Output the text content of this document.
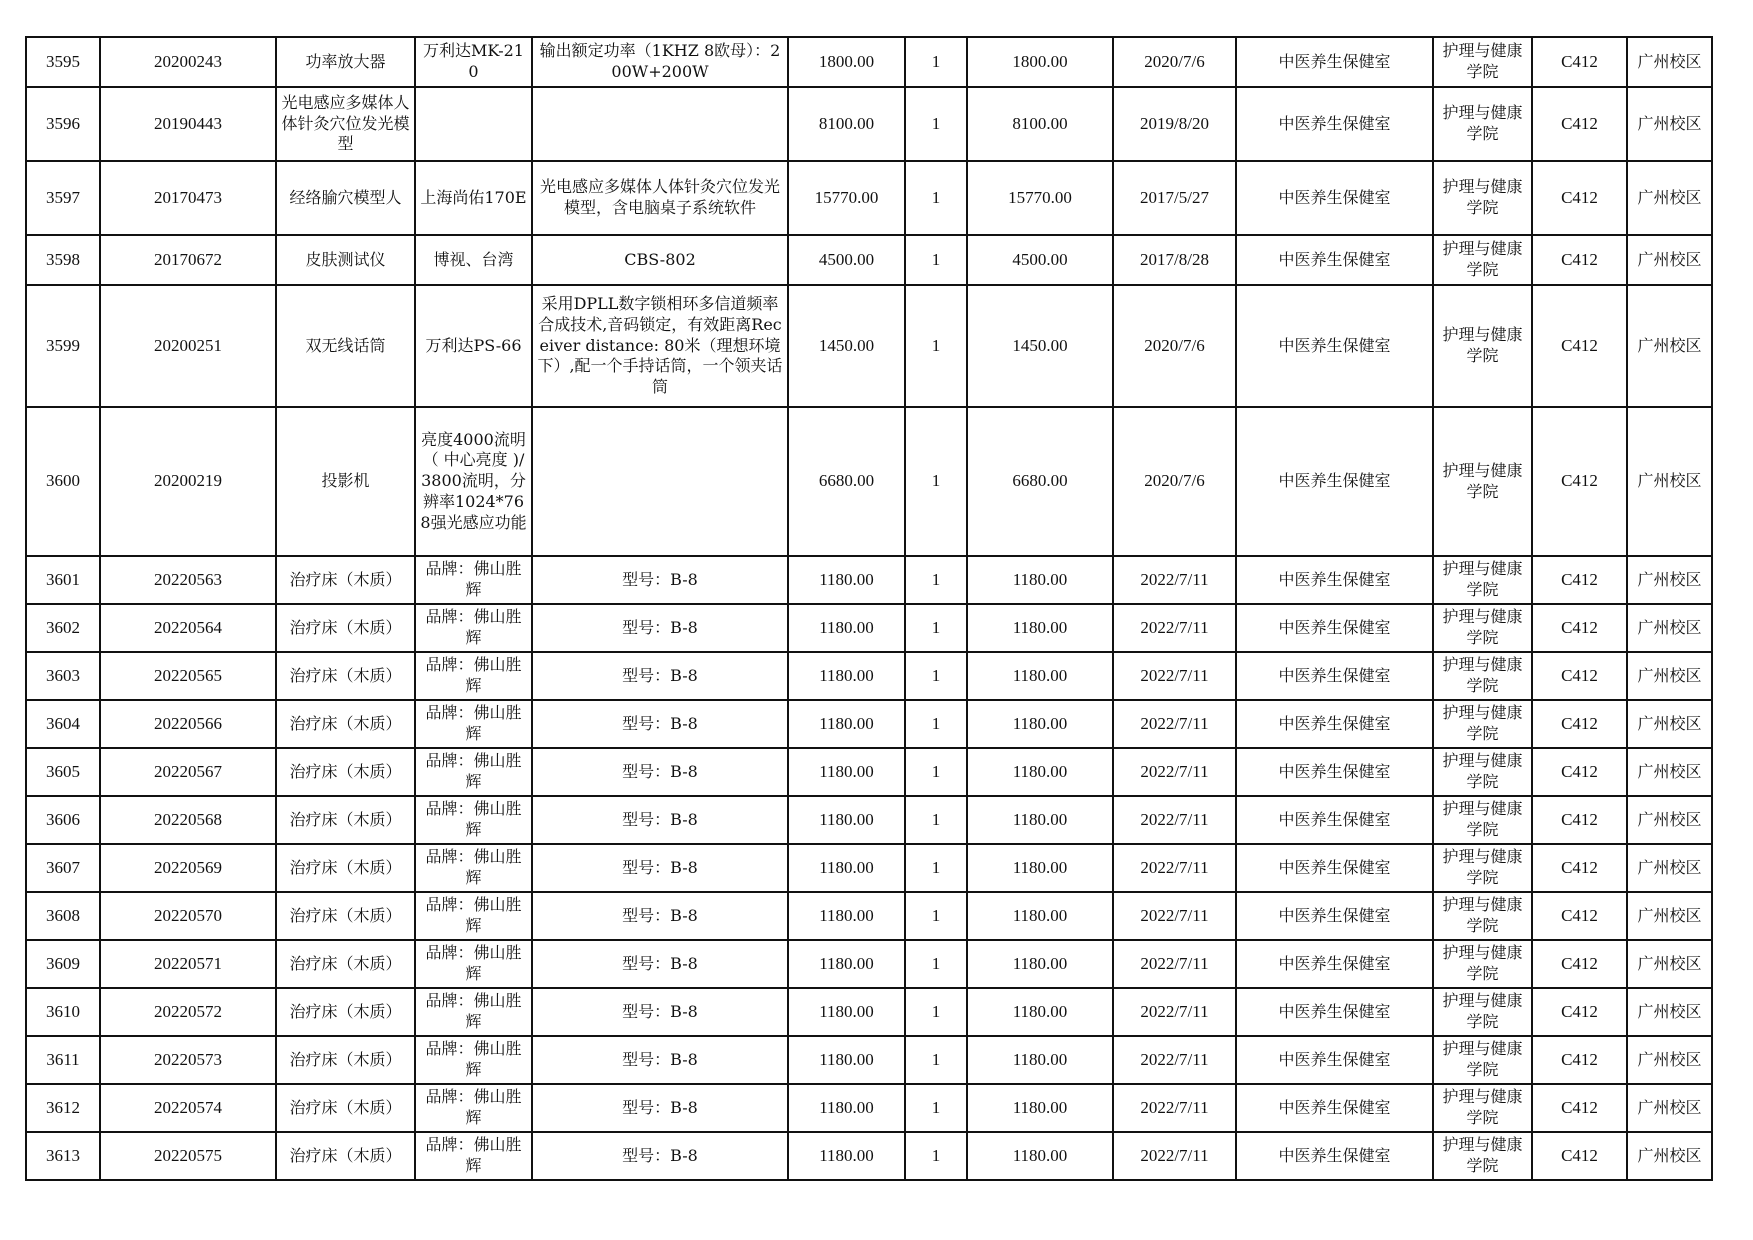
3595	20200243	功率放大器	万利达MK-210	输出额定功率（1KHZ 8欧母）：200W+200W	1800.00	1	1800.00	2020/7/6	中医养生保健室	护理与健康学院	C412	广州校区
3596	20190443	光电感应多媒体人体针灸穴位发光模型			8100.00	1	8100.00	2019/8/20	中医养生保健室	护理与健康学院	C412	广州校区
3597	20170473	经络腧穴模型人	上海尚佑170E	光电感应多媒体人体针灸穴位发光模型，含电脑桌子系统软件	15770.00	1	15770.00	2017/5/27	中医养生保健室	护理与健康学院	C412	广州校区
3598	20170672	皮肤测试仪	博视、台湾	CBS-802	4500.00	1	4500.00	2017/8/28	中医养生保健室	护理与健康学院	C412	广州校区
3599	20200251	双无线话筒	万利达PS-66	采用DPLL数字锁相环多信道频率合成技术,音码锁定，有效距离Receiver distance: 80米（理想环境下）,配一个手持话筒，一个领夹话筒	1450.00	1	1450.00	2020/7/6	中医养生保健室	护理与健康学院	C412	广州校区
3600	20200219	投影机	亮度4000流明（ 中心亮度 )/3800流明，分辨率1024*768强光感应功能		6680.00	1	6680.00	2020/7/6	中医养生保健室	护理与健康学院	C412	广州校区
3601	20220563	治疗床（木质）	品牌：佛山胜辉	型号：B-8	1180.00	1	1180.00	2022/7/11	中医养生保健室	护理与健康学院	C412	广州校区
3602	20220564	治疗床（木质）	品牌：佛山胜辉	型号：B-8	1180.00	1	1180.00	2022/7/11	中医养生保健室	护理与健康学院	C412	广州校区
3603	20220565	治疗床（木质）	品牌：佛山胜辉	型号：B-8	1180.00	1	1180.00	2022/7/11	中医养生保健室	护理与健康学院	C412	广州校区
3604	20220566	治疗床（木质）	品牌：佛山胜辉	型号：B-8	1180.00	1	1180.00	2022/7/11	中医养生保健室	护理与健康学院	C412	广州校区
3605	20220567	治疗床（木质）	品牌：佛山胜辉	型号：B-8	1180.00	1	1180.00	2022/7/11	中医养生保健室	护理与健康学院	C412	广州校区
3606	20220568	治疗床（木质）	品牌：佛山胜辉	型号：B-8	1180.00	1	1180.00	2022/7/11	中医养生保健室	护理与健康学院	C412	广州校区
3607	20220569	治疗床（木质）	品牌：佛山胜辉	型号：B-8	1180.00	1	1180.00	2022/7/11	中医养生保健室	护理与健康学院	C412	广州校区
3608	20220570	治疗床（木质）	品牌：佛山胜辉	型号：B-8	1180.00	1	1180.00	2022/7/11	中医养生保健室	护理与健康学院	C412	广州校区
3609	20220571	治疗床（木质）	品牌：佛山胜辉	型号：B-8	1180.00	1	1180.00	2022/7/11	中医养生保健室	护理与健康学院	C412	广州校区
3610	20220572	治疗床（木质）	品牌：佛山胜辉	型号：B-8	1180.00	1	1180.00	2022/7/11	中医养生保健室	护理与健康学院	C412	广州校区
3611	20220573	治疗床（木质）	品牌：佛山胜辉	型号：B-8	1180.00	1	1180.00	2022/7/11	中医养生保健室	护理与健康学院	C412	广州校区
3612	20220574	治疗床（木质）	品牌：佛山胜辉	型号：B-8	1180.00	1	1180.00	2022/7/11	中医养生保健室	护理与健康学院	C412	广州校区
3613	20220575	治疗床（木质）	品牌：佛山胜辉	型号：B-8	1180.00	1	1180.00	2022/7/11	中医养生保健室	护理与健康学院	C412	广州校区
